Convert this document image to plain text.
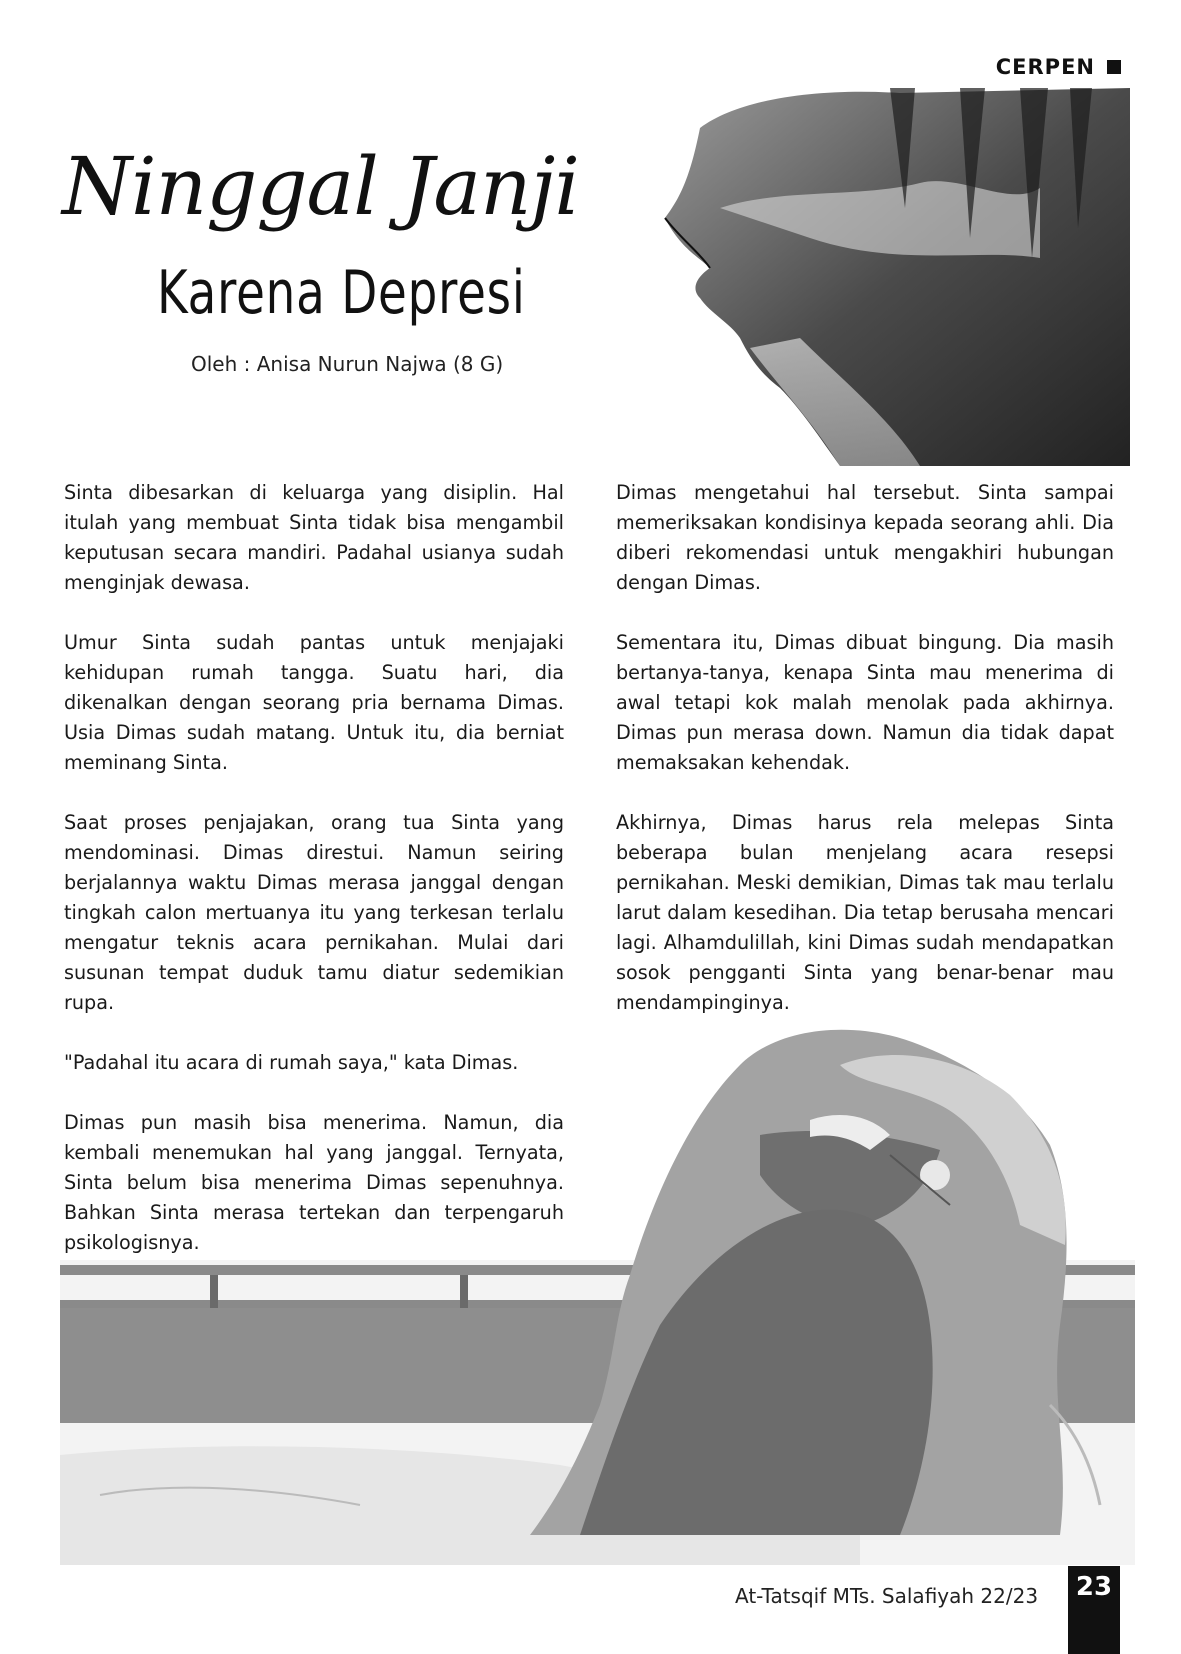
CERPEN
Ninggal Janji
Karena Depresi
Oleh : Anisa Nurun Najwa (8 G)

Sinta dibesarkan di keluarga yang disiplin. Hal itulah yang membuat Sinta tidak bisa mengambil keputusan secara mandiri. Padahal usianya sudah menginjak dewasa.

Umur Sinta sudah pantas untuk menjajaki kehidupan rumah tangga. Suatu hari, dia dikenalkan dengan seorang pria bernama Dimas. Usia Dimas sudah matang. Untuk itu, dia berniat meminang Sinta.

Saat proses penjajakan, orang tua Sinta yang mendominasi. Dimas direstui. Namun seiring berjalannya waktu Dimas merasa janggal dengan tingkah calon mertuanya itu yang terkesan terlalu mengatur teknis acara pernikahan. Mulai dari susunan tempat duduk tamu diatur sedemikian rupa.

"Padahal itu acara di rumah saya," kata Dimas.

Dimas pun masih bisa menerima. Namun, dia kembali menemukan hal yang janggal. Ternyata, Sinta belum bisa menerima Dimas sepenuhnya. Bahkan Sinta merasa tertekan dan terpengaruh psikologisnya.

Dimas mengetahui hal tersebut. Sinta sampai memeriksakan kondisinya kepada seorang ahli. Dia diberi rekomendasi untuk mengakhiri hubungan dengan Dimas.

Sementara itu, Dimas dibuat bingung. Dia masih bertanya-tanya, kenapa Sinta mau menerima di awal tetapi kok malah menolak pada akhirnya. Dimas pun merasa down. Namun dia tidak dapat memaksakan kehendak.

Akhirnya, Dimas harus rela melepas Sinta beberapa bulan menjelang acara resepsi pernikahan. Meski demikian, Dimas tak mau terlalu larut dalam kesedihan. Dia tetap berusaha mencari lagi. Alhamdulillah, kini Dimas sudah mendapatkan sosok pengganti Sinta yang benar-benar mau mendampinginya.

At-Tatsqif MTs. Salafiyah 22/23	23
